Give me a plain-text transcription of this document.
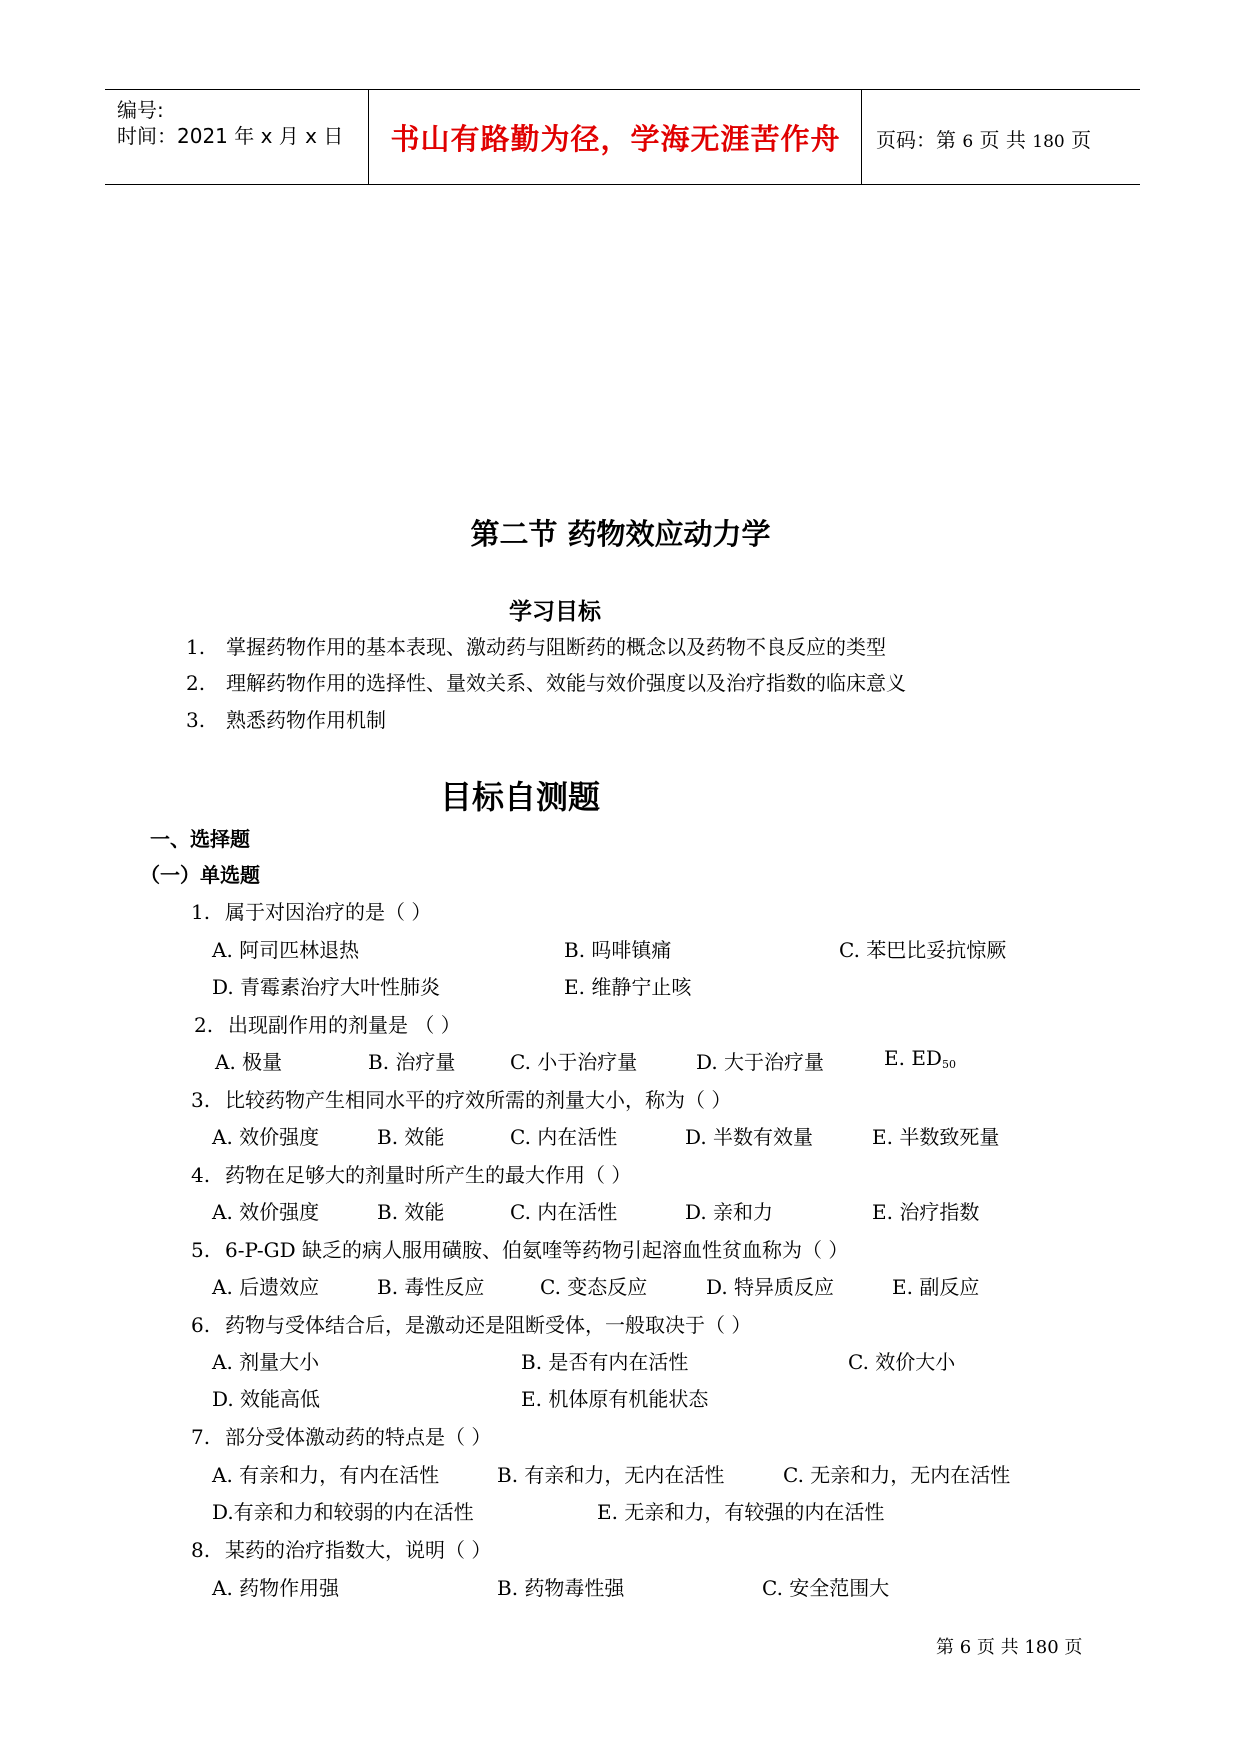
编号:
时间：2021 年 x 月 x 日	书山有路勤为径，学海无涯苦作舟	页码：第 6 页 共 180 页
第二节 药物效应动力学
学习目标
1. 掌握药物作用的基本表现、激动药与阻断药的概念以及药物不良反应的类型
2. 理解药物作用的选择性、量效关系、效能与效价强度以及治疗指数的临床意义
3. 熟悉药物作用机制
目标自测题
一、选择题
（一）单选题
1. 属于对因治疗的是（ ）
A. 阿司匹林退热	B. 吗啡镇痛	C. 苯巴比妥抗惊厥
D. 青霉素治疗大叶性肺炎	E. 维静宁止咳
2. 出现副作用的剂量是 （ ）
A. 极量	B. 治疗量	C. 小于治疗量	D. 大于治疗量	E. $ED_{50}$
3. 比较药物产生相同水平的疗效所需的剂量大小，称为（ ）
A. 效价强度	B. 效能	C. 内在活性	D. 半数有效量	E. 半数致死量
4. 药物在足够大的剂量时所产生的最大作用（ ）
A. 效价强度	B. 效能	C. 内在活性	D. 亲和力	E. 治疗指数
5. 6-P-GD 缺乏的病人服用磺胺、伯氨喹等药物引起溶血性贫血称为（ ）
A. 后遗效应	B. 毒性反应	C. 变态反应	D. 特异质反应	E. 副反应
6. 药物与受体结合后，是激动还是阻断受体，一般取决于（ ）
A. 剂量大小	B. 是否有内在活性	C. 效价大小
D. 效能高低	E. 机体原有机能状态
7. 部分受体激动药的特点是（ ）
A. 有亲和力，有内在活性	B. 有亲和力，无内在活性	C. 无亲和力，无内在活性
D.有亲和力和较弱的内在活性	E. 无亲和力，有较强的内在活性
8. 某药的治疗指数大，说明（ ）
A. 药物作用强	B. 药物毒性强	C. 安全范围大
第 6 页 共 180 页
